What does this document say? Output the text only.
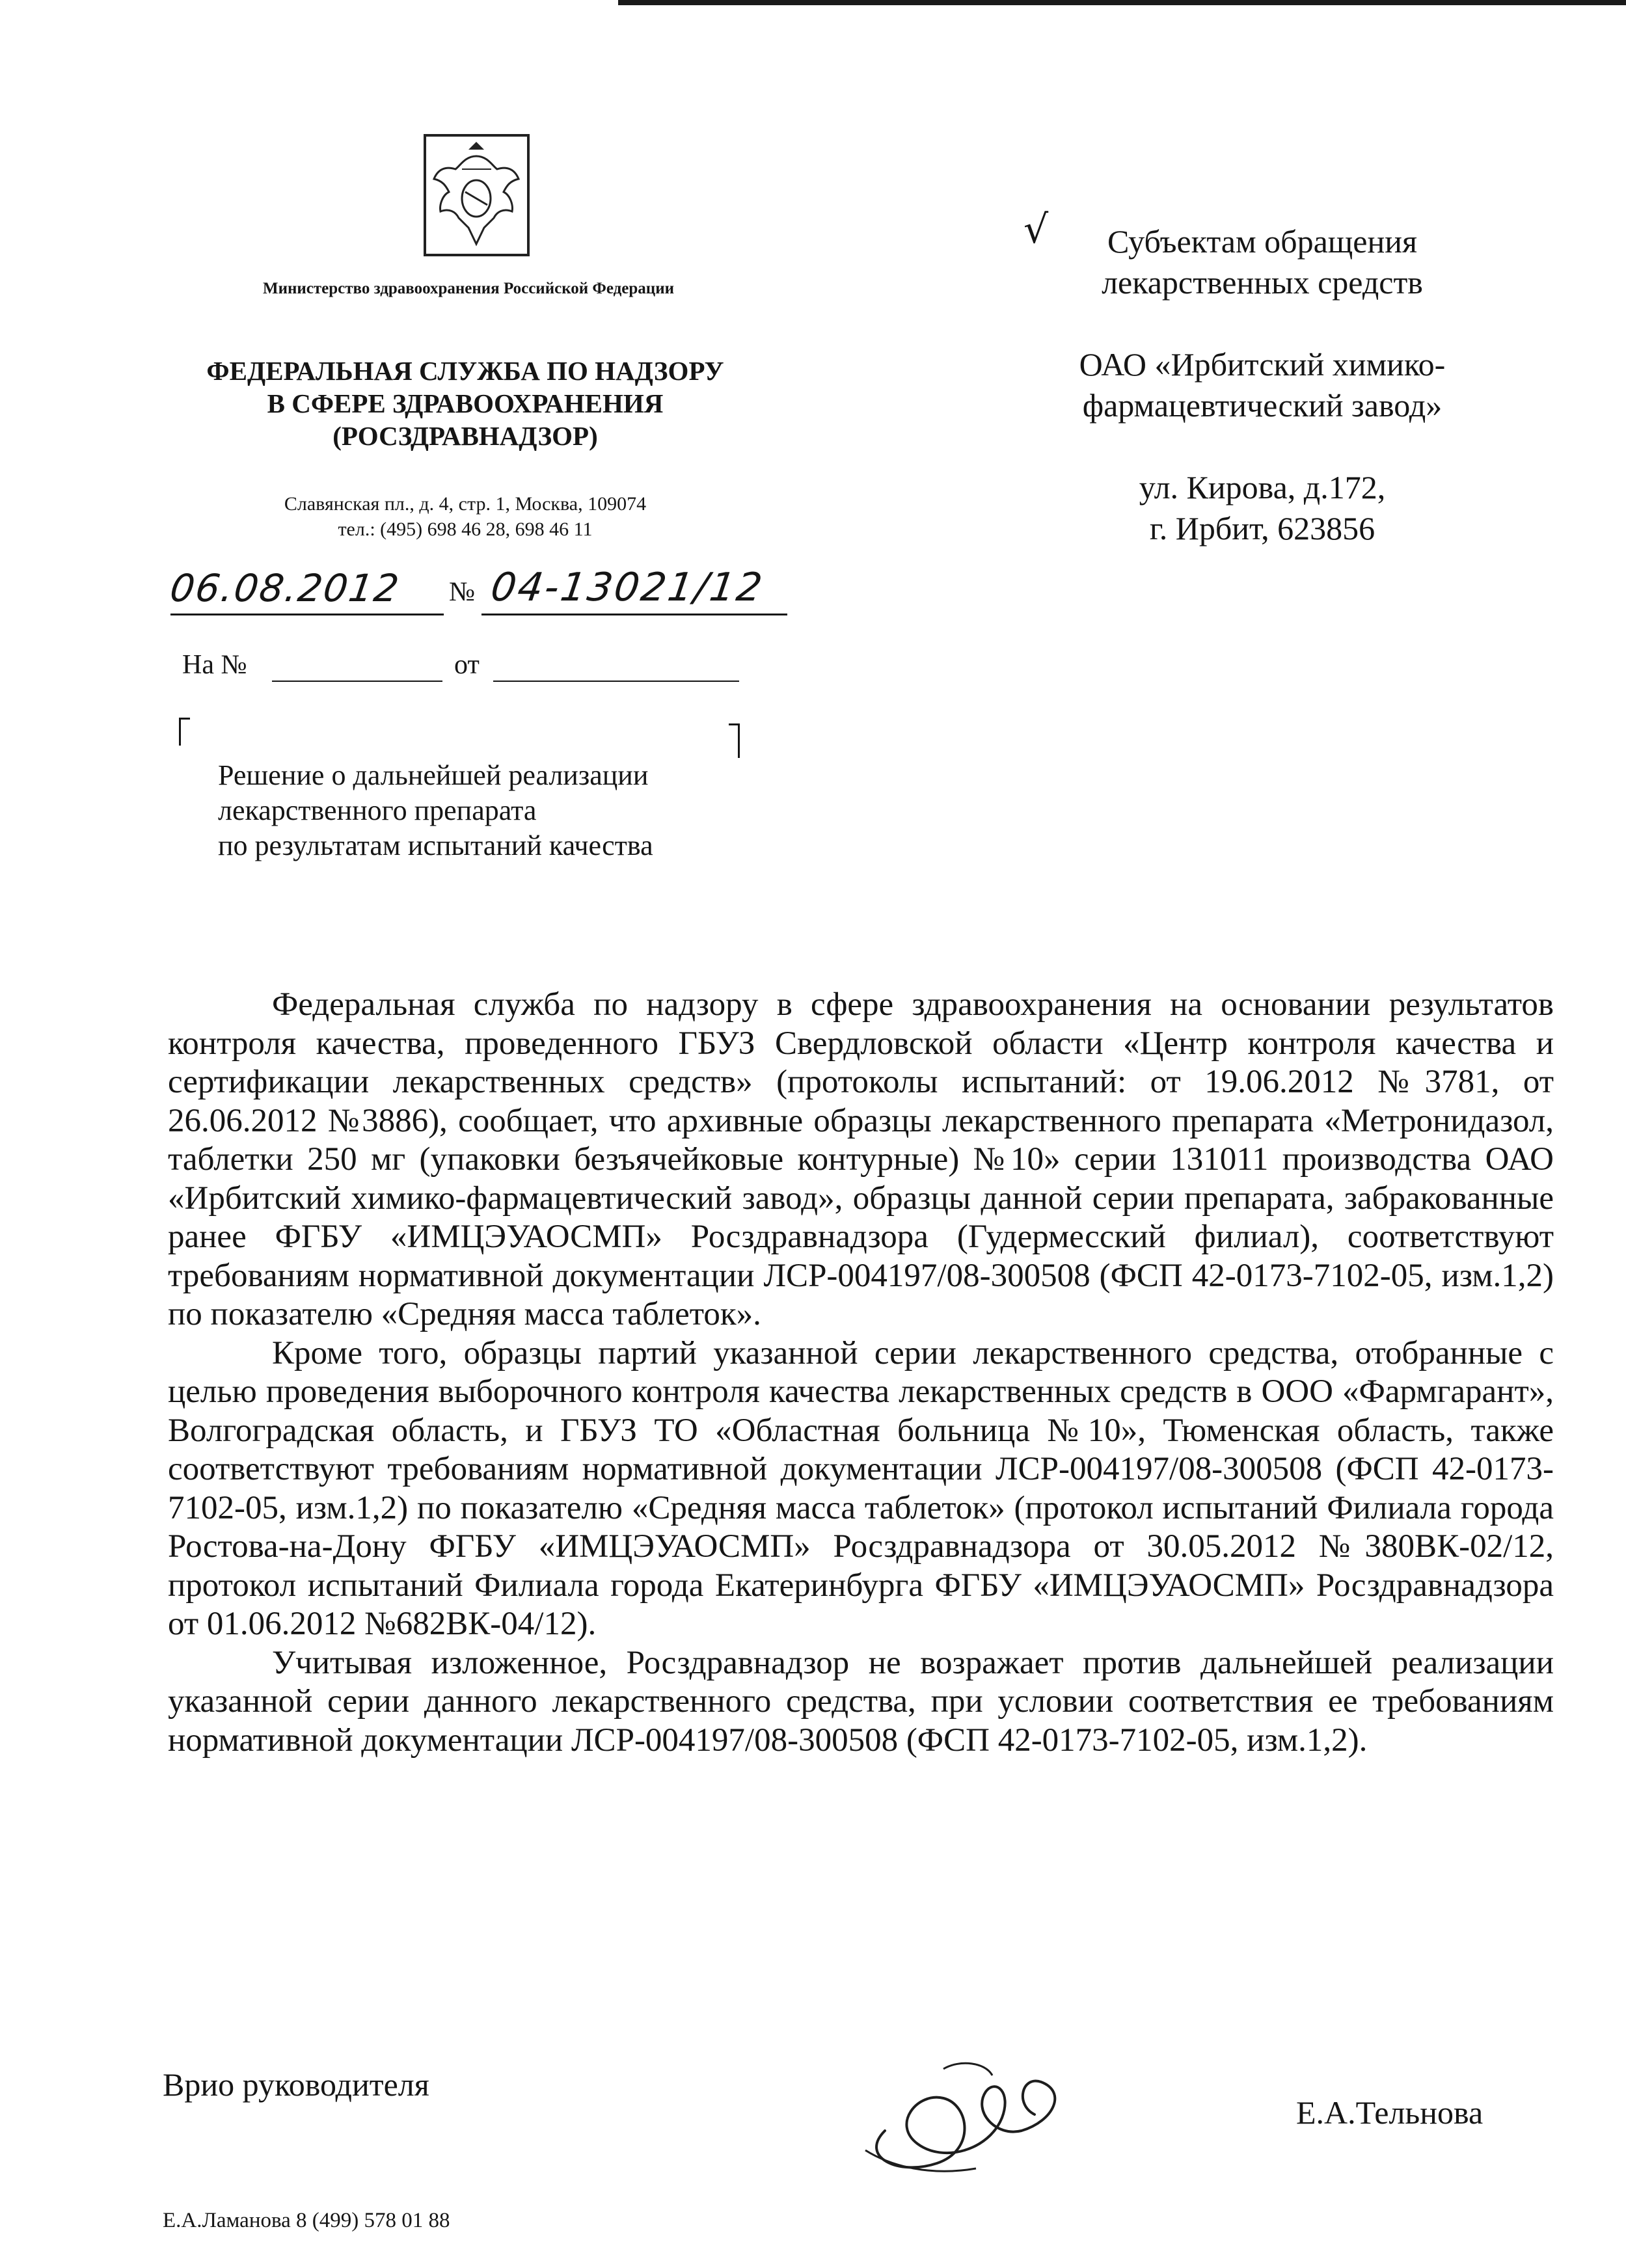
Министерство здравоохранения Российской Федерации
ФЕДЕРАЛЬНАЯ СЛУЖБА ПО НАДЗОРУ
В СФЕРЕ ЗДРАВООХРАНЕНИЯ
(РОСЗДРАВНАДЗОР)
Славянская пл., д. 4, стр. 1, Москва, 109074
тел.: (495) 698 46 28, 698 46 11
06.08.2012	№ 04-13021/12
На №	от
Решение о дальнейшей реализации
лекарственного препарата
по результатам испытаний качества
√	Субъектам обращения
лекарственных средств
ОАО «Ирбитский химико-
фармацевтический завод»
ул. Кирова, д.172,
г. Ирбит, 623856

Федеральная служба по надзору в сфере здравоохранения на основании результатов контроля качества, проведенного ГБУЗ Свердловской области «Центр контроля качества и сертификации лекарственных средств» (протоколы испытаний: от 19.06.2012 №3781, от 26.06.2012 №3886), сообщает, что архивные образцы лекарственного препарата «Метронидазол, таблетки 250 мг (упаковки безъячейковые контурные) №10» серии 131011 производства ОАО «Ирбитский химико-фармацевтический завод», образцы данной серии препарата, забракованные ранее ФГБУ «ИМЦЭУАОСМП» Росздравнадзора (Гудермесский филиал), соответствуют требованиям нормативной документации ЛСР-004197/08-300508 (ФСП 42-0173-7102-05, изм.1,2) по показателю «Средняя масса таблеток».

Кроме того, образцы партий указанной серии лекарственного средства, отобранные с целью проведения выборочного контроля качества лекарственных средств в ООО «Фармгарант», Волгоградская область, и ГБУЗ ТО «Областная больница №10», Тюменская область, также соответствуют требованиям нормативной документации ЛСР-004197/08-300508 (ФСП 42-0173-7102-05, изм.1,2) по показателю «Средняя масса таблеток» (протокол испытаний Филиала города Ростова-на-Дону ФГБУ «ИМЦЭУАОСМП» Росздравнадзора от 30.05.2012 №380ВК-02/12, протокол испытаний Филиала города Екатеринбурга ФГБУ «ИМЦЭУАОСМП» Росздравнадзора от 01.06.2012 №682ВК-04/12).

Учитывая изложенное, Росздравнадзор не возражает против дальнейшей реализации указанной серии данного лекарственного средства, при условии соответствия ее требованиям нормативной документации ЛСР-004197/08-300508 (ФСП 42-0173-7102-05, изм.1,2).

Врио руководителя
Е.А.Тельнова
Е.А.Ламанова 8 (499) 578 01 88
